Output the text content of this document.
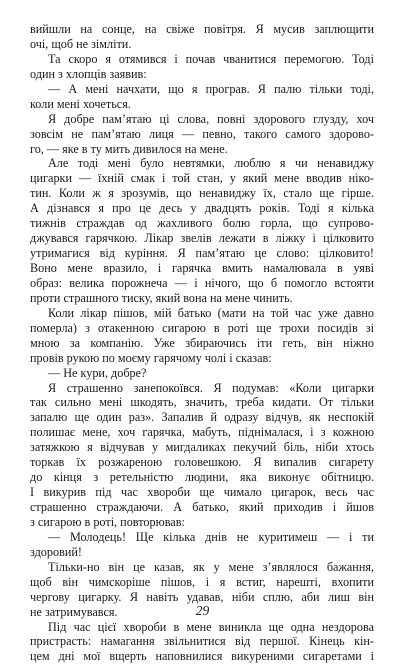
вийшли на сонце, на свіже повітря. Я мусив заплющити
очі, щоб не зімліти.
Та скоро я отямився і почав чванитися перемогою. Тоді
один з хлопців заявив:
— А мені начхати, що я програв. Я палю тільки тоді,
коли мені хочеться.
Я добре пам’ятаю ці слова, повні здорового глузду, хоч
зовсім не пам’ятаю лиця — певно, такого самого здорово-
го, — яке в ту мить дивилося на мене.
Але тоді мені було невтямки, люблю я чи ненавиджу
цигарки — їхній смак і той стан, у який мене вводив ніко-
тин. Коли ж я зрозумів, що ненавиджу їх, стало ще гірше.
А дізнався я про це десь у двадцять років. Тоді я кілька
тижнів страждав од жахливого болю горла, що супрово-
джувався гарячкою. Лікар звелів лежати в ліжку і цілковито
утримагися від куріння. Я пам’ятаю це слово: цілковито!
Воно мене вразило, і гарячка вмить намалювала в уяві
образ: велика порожнеча — і нічого, що б помогло встояти
проти страшного тиску, який вона на мене чинить.
Коли лікар пішов, мій батько (мати на той час уже давно
померла) з отакенною сигарою в роті ще трохи посидів зі
мною за компанію. Уже збираючись іти геть, він ніжно
провів рукою по моєму гарячому чолі і сказав:
— Не кури, добре?
Я страшенно занепокоївся. Я подумав: «Коли цигарки
так сильно мені шкодять, значить, треба кидати. От тільки
запалю ще один раз». Запалив й одразу відчув, як неспокій
полишає мене, хоч гарячка, мабуть, піднімалася, і з кожною
затяжкою я відчував у мигдаликах пекучий біль, ніби хтось
торкав їх розжареною головешкою. Я випалив сигарету
до кінця з ретельністю людини, яка виконує обітницю.
І викурив під час хвороби ще чимало цигарок, весь час
страшенно страждаючи. А батько, який приходив і йшов
з сигарою в роті, повторював:
— Молодець! Ще кілька днів не куритимеш — і ти
здоровий!
Тільки-но він це казав, як у мене з’являлося бажання,
щоб він чимскоріше пішов, і я встиг, нарешті, вхопити
чергову цигарку. Я навіть удавав, ніби сплю, аби лиш він
не затримувався.
Під час цієї хвороби в мене виникла ще одна нездорова
пристрасть: намагання звільнитися від першої. Кінець кін-
цем дні мої вщерть наповнилися викуреними сигаретами і
29
